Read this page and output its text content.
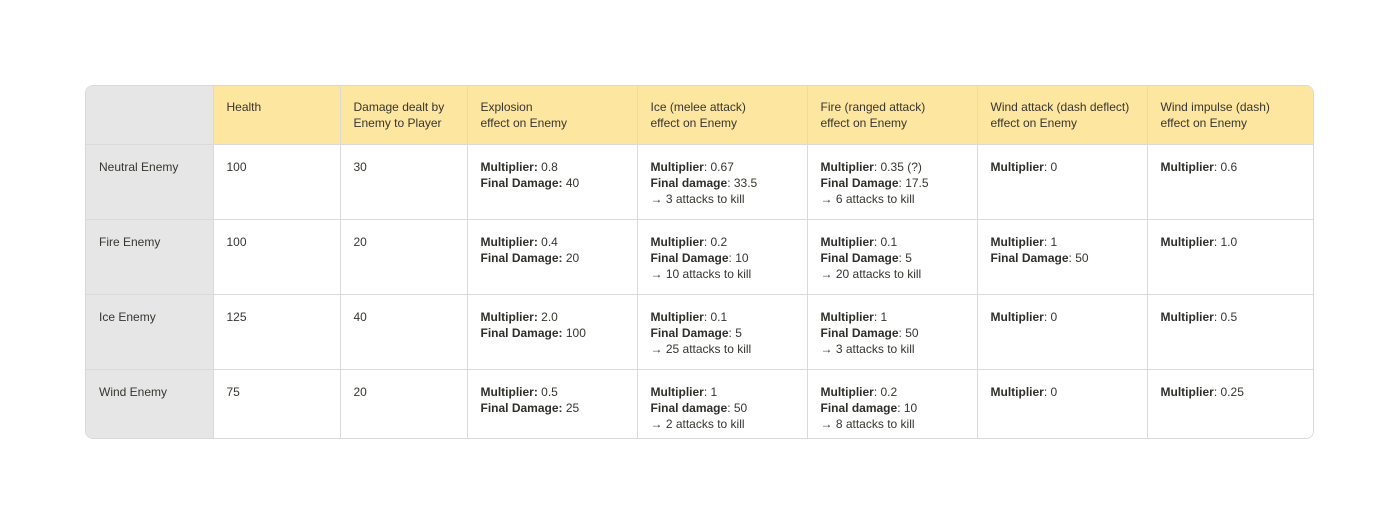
	Health	Damage dealt by
Enemy to Player	Explosion
effect on Enemy	Ice (melee attack)
effect on Enemy	Fire (ranged attack)
effect on Enemy	Wind attack (dash deflect)
effect on Enemy	Wind impulse (dash)
effect on Enemy

Neutral Enemy	100	30	Multiplier: 0.8
Final Damage: 40	Multiplier: 0.67
Final damage: 33.5
→ 3 attacks to kill	Multiplier: 0.35 (?)
Final Damage: 17.5
→ 6 attacks to kill	Multiplier: 0	Multiplier: 0.6

Fire Enemy	100	20	Multiplier: 0.4
Final Damage: 20	Multiplier: 0.2
Final Damage: 10
→ 10 attacks to kill	Multiplier: 0.1
Final Damage: 5
→ 20 attacks to kill	Multiplier: 1
Final Damage: 50	Multiplier: 1.0

Ice Enemy	125	40	Multiplier: 2.0
Final Damage: 100	Multiplier: 0.1
Final Damage: 5
→ 25 attacks to kill	Multiplier: 1
Final Damage: 50
→ 3 attacks to kill	Multiplier: 0	Multiplier: 0.5

Wind Enemy	75	20	Multiplier: 0.5
Final Damage: 25	Multiplier: 1
Final damage: 50
→ 2 attacks to kill	Multiplier: 0.2
Final damage: 10
→ 8 attacks to kill	Multiplier: 0	Multiplier: 0.25
